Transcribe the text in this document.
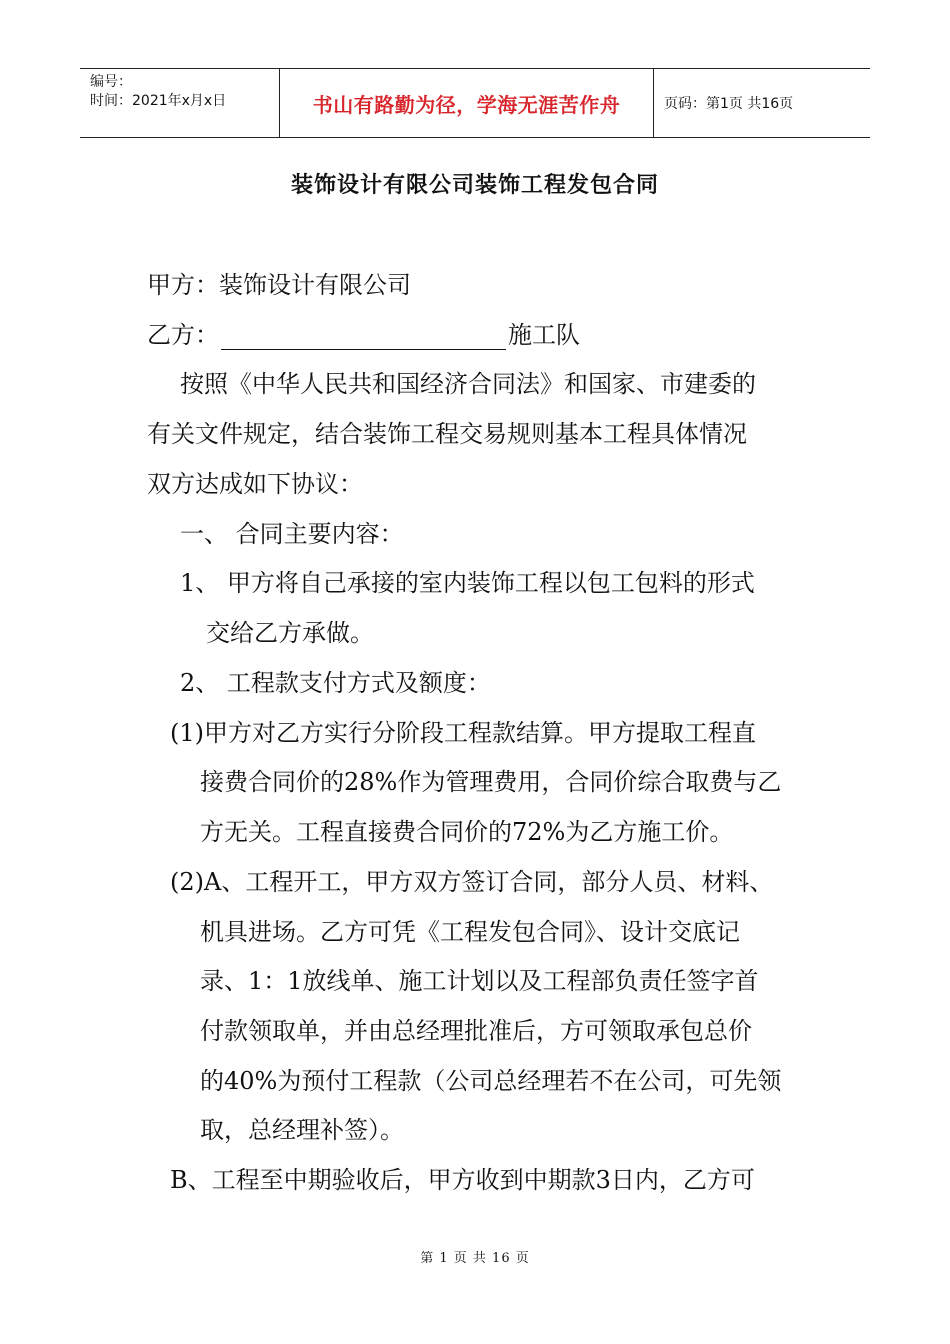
编号：
时间：2021年x月x日	书山有路勤为径，学海无涯苦作舟	页码：第1页 共16页
装饰设计有限公司装饰工程发包合同
甲方：装饰设计有限公司
乙方：	施工队
按照《中华人民共和国经济合同法》和国家、市建委的
有关文件规定，结合装饰工程交易规则基本工程具体情况
双方达成如下协议：
一、 合同主要内容：
1、 甲方将自己承接的室内装饰工程以包工包料的形式
交给乙方承做。
2、 工程款支付方式及额度：
(1)甲方对乙方实行分阶段工程款结算。甲方提取工程直
接费合同价的28%作为管理费用，合同价综合取费与乙
方无关。工程直接费合同价的72%为乙方施工价。
(2)A、工程开工，甲方双方签订合同，部分人员、材料、
机具进场。乙方可凭《工程发包合同》、设计交底记
录、1：1放线单、施工计划以及工程部负责任签字首
付款领取单，并由总经理批准后，方可领取承包总价
的40%为预付工程款（公司总经理若不在公司，可先领
取，总经理补签）。
B、工程至中期验收后，甲方收到中期款3日内，乙方可
第 1 页 共 16 页
